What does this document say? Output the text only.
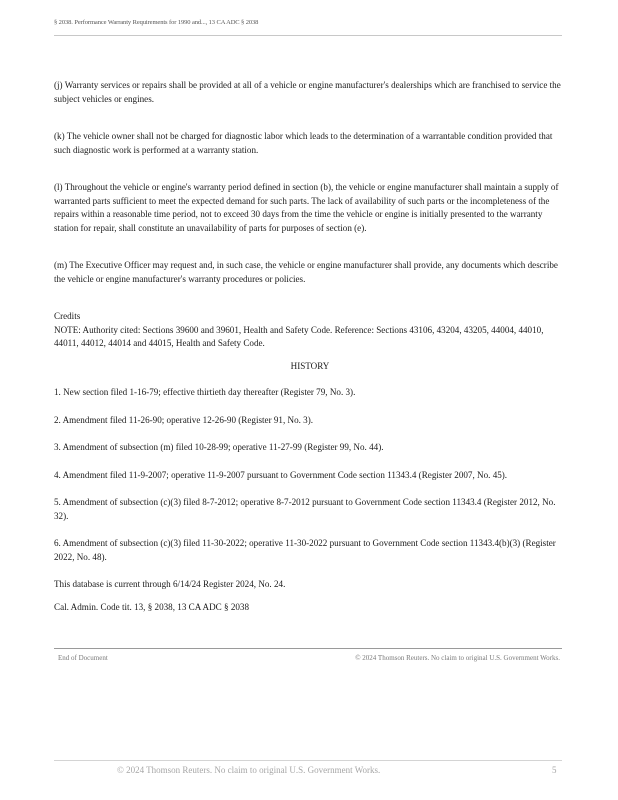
§ 2038. Performance Warranty Requirements for 1990 and..., 13 CA ADC § 2038

(j) Warranty services or repairs shall be provided at all of a vehicle or engine manufacturer's dealerships which are franchised to service the subject vehicles or engines.

(k) The vehicle owner shall not be charged for diagnostic labor which leads to the determination of a warrantable condition provided that such diagnostic work is performed at a warranty station.

(l) Throughout the vehicle or engine's warranty period defined in section (b), the vehicle or engine manufacturer shall maintain a supply of warranted parts sufficient to meet the expected demand for such parts. The lack of availability of such parts or the incompleteness of the repairs within a reasonable time period, not to exceed 30 days from the time the vehicle or engine is initially presented to the warranty station for repair, shall constitute an unavailability of parts for purposes of section (e).

(m) The Executive Officer may request and, in such case, the vehicle or engine manufacturer shall provide, any documents which describe the vehicle or engine manufacturer's warranty procedures or policies.

Credits
NOTE: Authority cited: Sections 39600 and 39601, Health and Safety Code. Reference: Sections 43106, 43204, 43205, 44004, 44010, 44011, 44012, 44014 and 44015, Health and Safety Code.
HISTORY

1. New section filed 1-16-79; effective thirtieth day thereafter (Register 79, No. 3).

2. Amendment filed 11-26-90; operative 12-26-90 (Register 91, No. 3).

3. Amendment of subsection (m) filed 10-28-99; operative 11-27-99 (Register 99, No. 44).

4. Amendment filed 11-9-2007; operative 11-9-2007 pursuant to Government Code section 11343.4 (Register 2007, No. 45).

5. Amendment of subsection (c)(3) filed 8-7-2012; operative 8-7-2012 pursuant to Government Code section 11343.4 (Register 2012, No. 32).

6. Amendment of subsection (c)(3) filed 11-30-2022; operative 11-30-2022 pursuant to Government Code section 11343.4(b)(3) (Register 2022, No. 48).

This database is current through 6/14/24 Register 2024, No. 24.
Cal. Admin. Code tit. 13, § 2038, 13 CA ADC § 2038
End of Document	© 2024 Thomson Reuters. No claim to original U.S. Government Works.
© 2024 Thomson Reuters. No claim to original U.S. Government Works.	5
